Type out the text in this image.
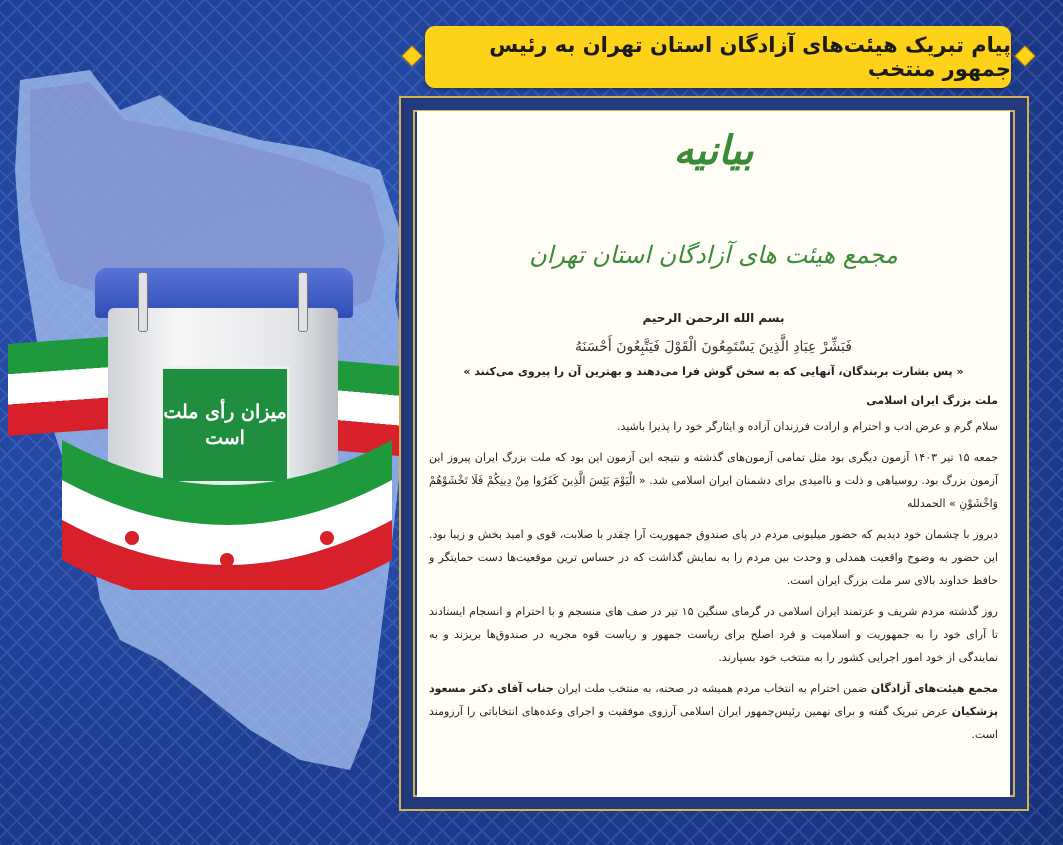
میزان رأی ملت است
پیام تبریک هیئت‌های آزادگان استان تهران به رئیس جمهور منتخب
بیانیه
مجمع هیئت های آزادگان استان تهران
بسم الله الرحمن الرحیم
فَبَشِّرْ عِبَادِ الَّذِينَ يَسْتَمِعُونَ الْقَوْلَ فَيَتَّبِعُونَ أَحْسَنَهُ
« پس بشارت بربندگان، آنهایی که به سخن گوش فرا می‌دهند و بهترین آن را پیروی می‌کنند »
ملت بزرگ ایران اسلامی
سلام گرم و عرض ادب و احترام و ارادت فرزندان آزاده و ایثارگر خود را پذیرا باشید.
جمعه ۱۵ تیر ۱۴۰۳ آزمون دیگری بود مثل تمامی آزمون‌های گذشته و نتیجه این آزمون این بود که ملت بزرگ ایران پیروز این آزمون بزرگ بود. روسیاهی و ذلت و ناامیدی برای دشمنان ایران اسلامی شد. « الْيَوْمَ يَئِسَ الَّذِينَ كَفَرُوا مِنْ دِينِكُمْ فَلَا تَخْشَوْهُمْ وَاخْشَوْنِ » الحمدلله
دیروز با چشمان خود دیدیم که حضور میلیونی مردم در پای صندوق جمهوریت آرا چقدر با صلابت، قوی و امید بخش و زیبا بود. این حضور به وضوح واقعیت همدلی و وحدت بین مردم را به نمایش گذاشت که در حساس ترین موقعیت‌ها دست حمایتگر و حافظ خداوند بالای سر ملت بزرگ ایران است.
روز گذشته مردم شریف و عزتمند ایران اسلامی در گرمای سنگین ۱۵ تیر در صف های منسجم و با احترام و انسجام ایستادند تا آرای خود را به جمهوریت و اسلامیت و فرد اصلح برای ریاست جمهور و ریاست قوه مجریه در صندوق‌ها بریزند و به نمایندگی از خود امور اجرایی کشور را به منتخب خود بسپارند.
مجمع هیئت‌های آزادگان ضمن احترام به انتخاب مردم همیشه در صحنه، به منتخب ملت ایران جناب آقای دکتر مسعود پزشکیان عرض تبریک گفته و برای نهمین رئیس‌جمهور ایران اسلامی آرزوی موفقیت و اجرای وعده‌های انتخاباتی را آرزومند است.
